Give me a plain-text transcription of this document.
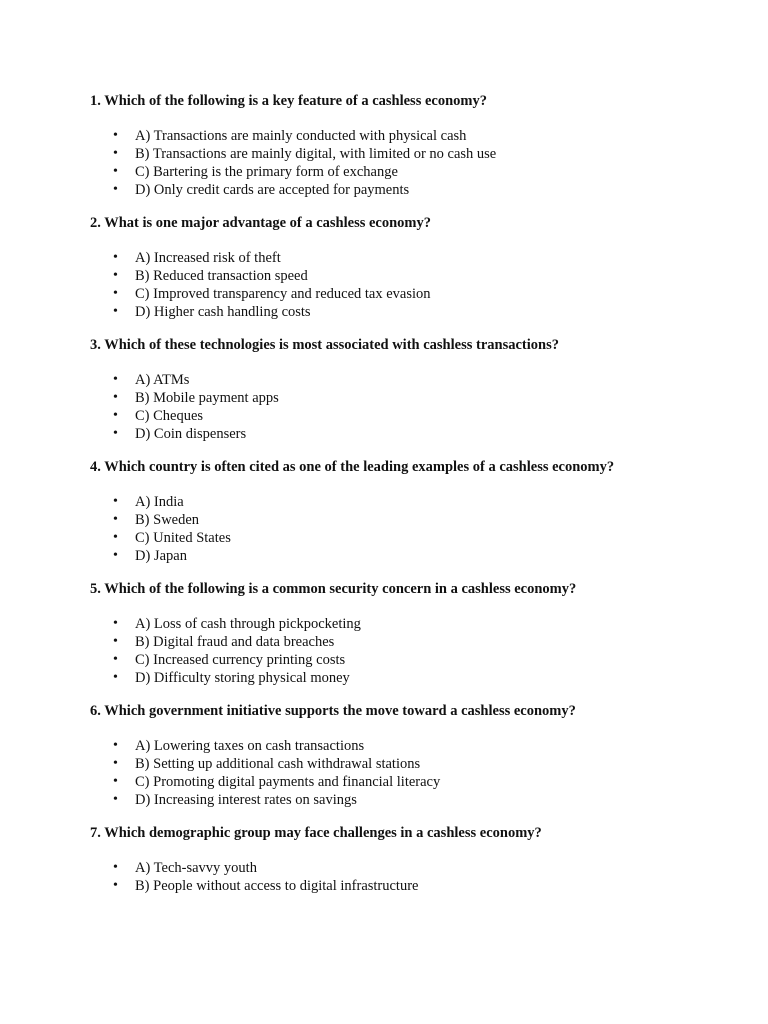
1. Which of the following is a key feature of a cashless economy?
• A) Transactions are mainly conducted with physical cash
• B) Transactions are mainly digital, with limited or no cash use
• C) Bartering is the primary form of exchange
• D) Only credit cards are accepted for payments
2. What is one major advantage of a cashless economy?
• A) Increased risk of theft
• B) Reduced transaction speed
• C) Improved transparency and reduced tax evasion
• D) Higher cash handling costs
3. Which of these technologies is most associated with cashless transactions?
• A) ATMs
• B) Mobile payment apps
• C) Cheques
• D) Coin dispensers
4. Which country is often cited as one of the leading examples of a cashless economy?
• A) India
• B) Sweden
• C) United States
• D) Japan
5. Which of the following is a common security concern in a cashless economy?
• A) Loss of cash through pickpocketing
• B) Digital fraud and data breaches
• C) Increased currency printing costs
• D) Difficulty storing physical money
6. Which government initiative supports the move toward a cashless economy?
• A) Lowering taxes on cash transactions
• B) Setting up additional cash withdrawal stations
• C) Promoting digital payments and financial literacy
• D) Increasing interest rates on savings
7. Which demographic group may face challenges in a cashless economy?
• A) Tech-savvy youth
• B) People without access to digital infrastructure
